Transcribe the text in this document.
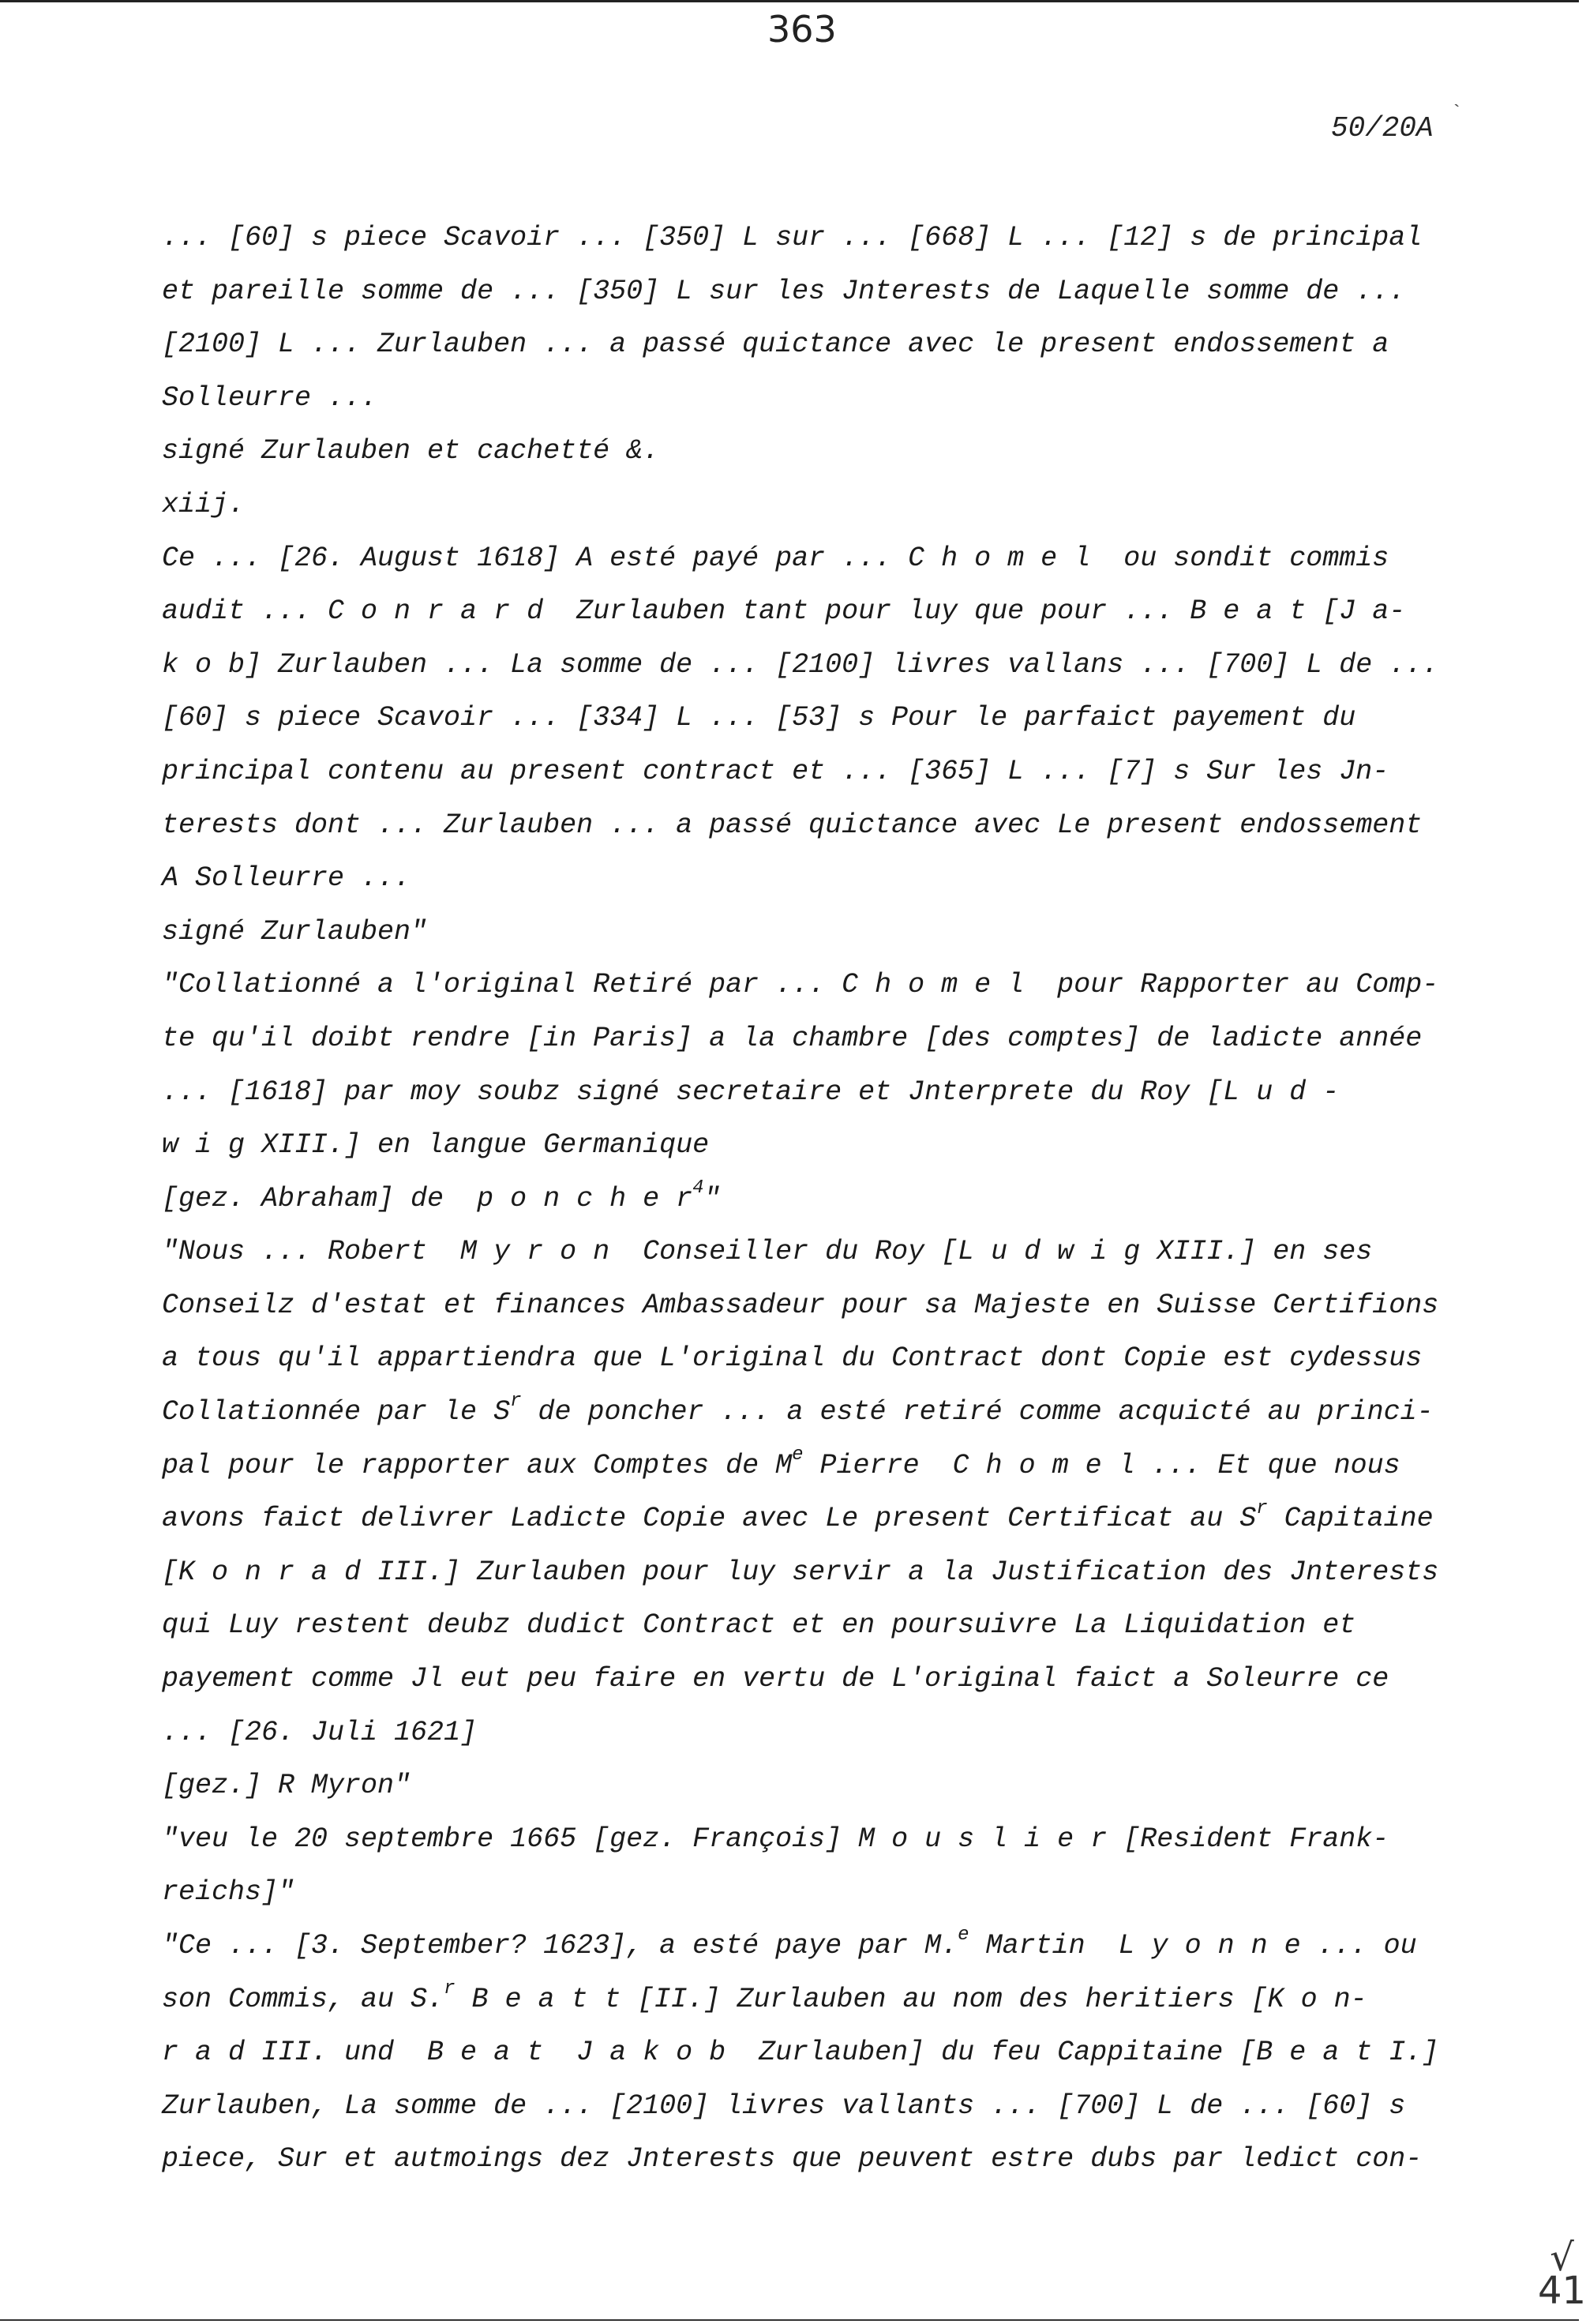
363
50/20A `
... [60] s piece Scavoir ... [350] L sur ... [668] L ... [12] s de principal
et pareille somme de ... [350] L sur les Jnterests de Laquelle somme de ...
[2100] L ... Zurlauben ... a passé quictance avec le present endossement a
Solleurre ...
signé Zurlauben et cachetté &.
xiij.
Ce ... [26. August 1618] A esté payé par ... C h o m e l  ou sondit commis
audit ... C o n r a r d  Zurlauben tant pour luy que pour ... B e a t [J a-
k o b] Zurlauben ... La somme de ... [2100] livres vallans ... [700] L de ...
[60] s piece Scavoir ... [334] L ... [53] s Pour le parfaict payement du
principal contenu au present contract et ... [365] L ... [7] s Sur les Jn-
terests dont ... Zurlauben ... a passé quictance avec Le present endossement
A Solleurre ...
signé Zurlauben"
"Collationné a l'original Retiré par ... C h o m e l  pour Rapporter au Comp-
te qu'il doibt rendre [in Paris] a la chambre [des comptes] de ladicte année
... [1618] par moy soubz signé secretaire et Jnterprete du Roy [L u d -
w i g XIII.] en langue Germanique
[gez. Abraham] de  p o n c h e $r^4$"
"Nous ... Robert  M y r o n  Conseiller du Roy [L u d w i g XIII.] en ses
Conseilz d'estat et finances Ambassadeur pour sa Majeste en Suisse Certifions
a tous qu'il appartiendra que L'original du Contract dont Copie est cydessus
Collationnée par le $S^r$ de poncher ... a esté retiré comme acquicté au princi-
pal pour le rapporter aux Comptes de Me Pierre  C h o m e l ... Et que nous
avons faict delivrer Ladicte Copie avec Le present Certificat au $S^r$ Capitaine
[K o n r a d III.] Zurlauben pour luy servir a la Justification des Jnterests
qui Luy restent deubz dudict Contract et en poursuivre La Liquidation et
payement comme Jl eut peu faire en vertu de L'original faict a Soleurre ce
... [26. Juli 1621]
[gez.] R Myron"
"veu le 20 septembre 1665 [gez. François] M o u s l i e r [Resident Frank-
reichs]"
"Ce ... [3. September? 1623], a esté paye par M.$^e$ Martin  L y o n n e ... ou
son Commis, au S.$^r$ B e a t t [II.] Zurlauben au nom des heritiers [K o n-
r a d III. und  B e a t  J a k o b  Zurlauben] du feu Cappitaine [B e a t I.]
Zurlauben, La somme de ... [2100] livres vallants ... [700] L de ... [60] s
piece, Sur et autmoings dez Jnterests que peuvent estre dubs par ledict con-
√
41
